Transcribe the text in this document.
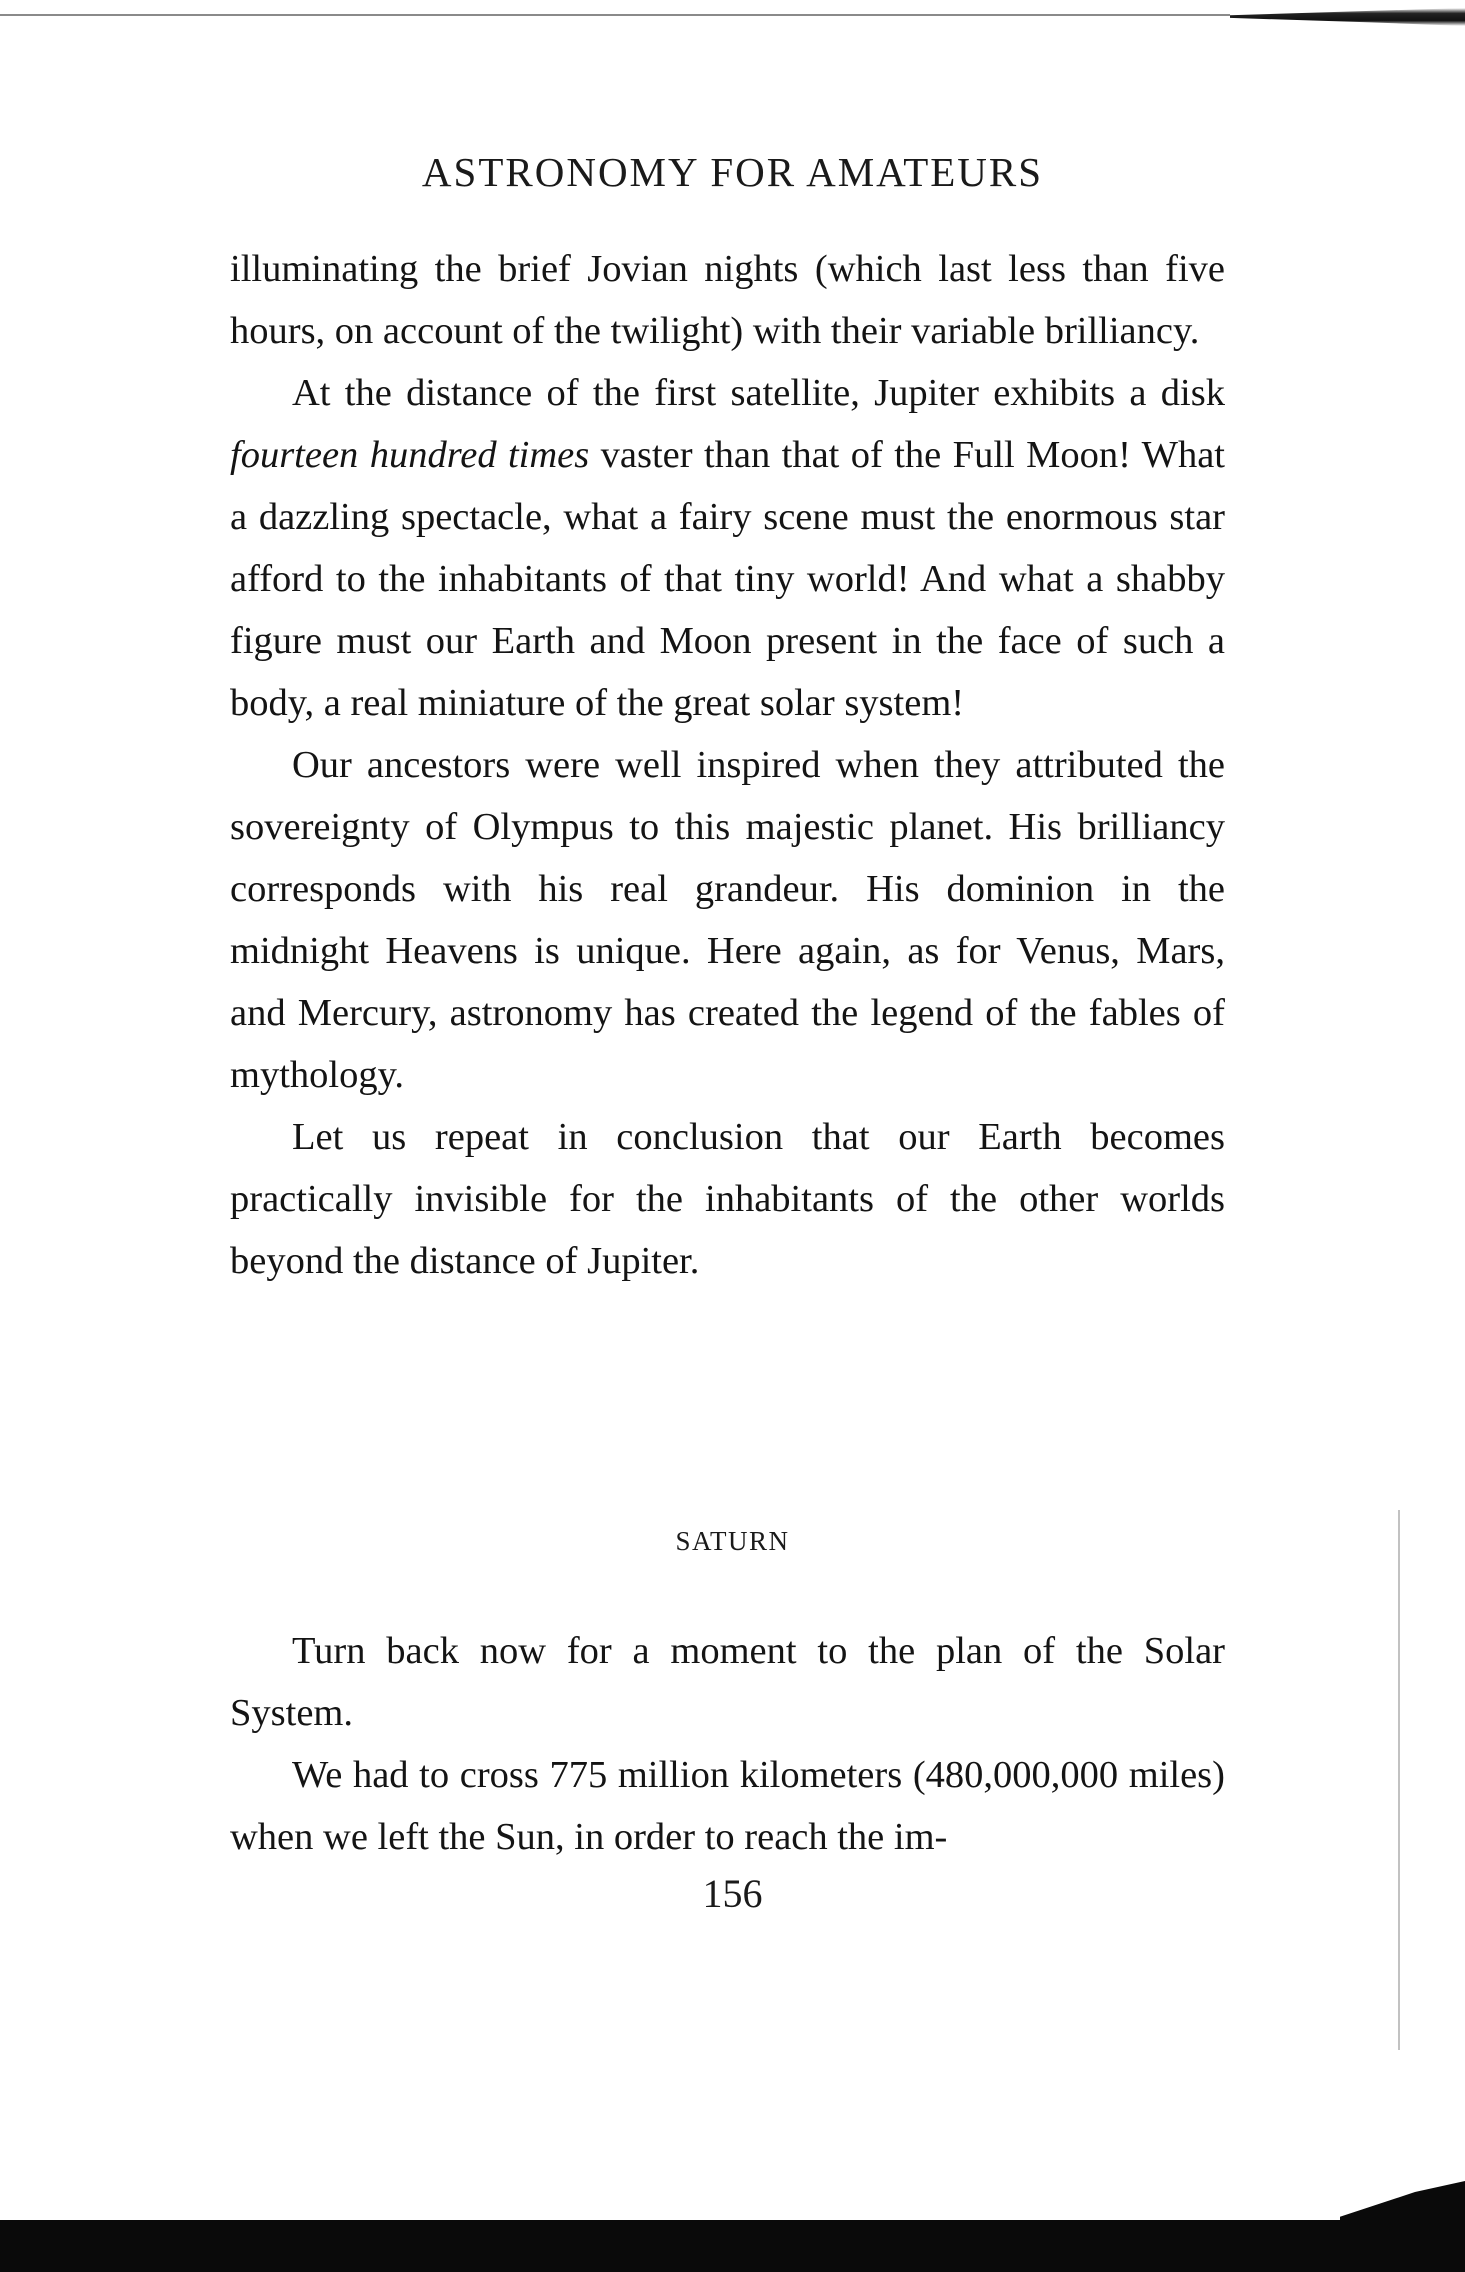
ASTRONOMY FOR AMATEURS

illuminating the brief Jovian nights (which last less than five hours, on account of the twilight) with their variable brilliancy.

At the distance of the first satellite, Jupiter exhibits a disk fourteen hundred times vaster than that of the Full Moon! What a dazzling spectacle, what a fairy scene must the enormous star afford to the inhabitants of that tiny world! And what a shabby figure must our Earth and Moon present in the face of such a body, a real miniature of the great solar system!

Our ancestors were well inspired when they attributed the sovereignty of Olympus to this majestic planet. His brilliancy corresponds with his real grandeur. His dominion in the midnight Heavens is unique. Here again, as for Venus, Mars, and Mercury, astronomy has created the legend of the fables of mythology.

Let us repeat in conclusion that our Earth becomes practically invisible for the inhabitants of the other worlds beyond the distance of Jupiter.

SATURN

Turn back now for a moment to the plan of the Solar System.

We had to cross 775 million kilometers (480,000,000 miles) when we left the Sun, in order to reach the im-

156
